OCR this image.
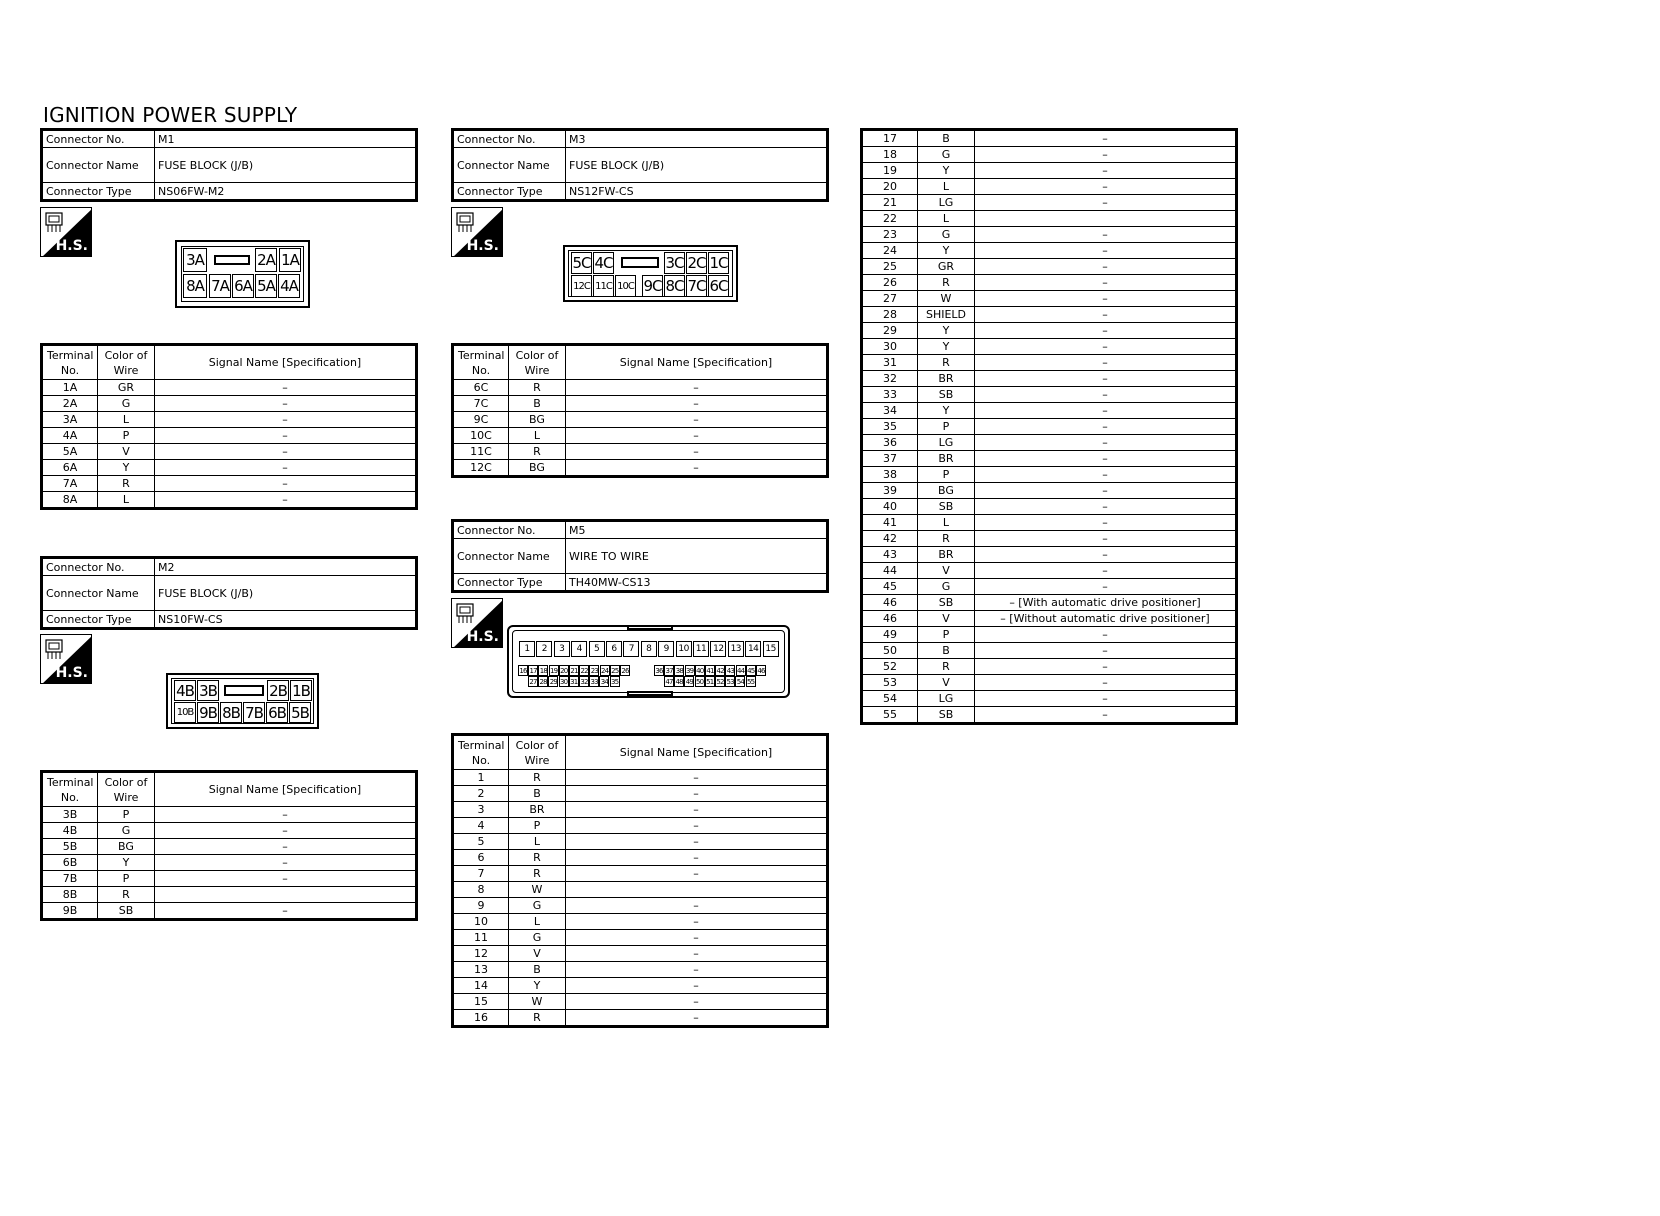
IGNITION POWER SUPPLY
Connector No.	M1
Connector Name	FUSE BLOCK (J/B)
Connector Type	NS06FW-M2
H.S.
3A	2A 1A
8A 7A 6A 5A 4A
Terminal No.	Color of Wire	Signal Name [Specification]
1A	GR	–
2A	G	–
3A	L	–
4A	P	–
5A	V	–
6A	Y	–
7A	R	–
8A	L	–
Connector No.	M2
Connector Name	FUSE BLOCK (J/B)
Connector Type	NS10FW-CS
H.S.
4B 3B	2B 1B
10B 9B 8B 7B 6B 5B
Terminal No.	Color of Wire	Signal Name [Specification]
3B	P	–
4B	G	–
5B	BG	–
6B	Y	–
7B	P	–
8B	R	
9B	SB	–
Connector No.	M3
Connector Name	FUSE BLOCK (J/B)
Connector Type	NS12FW-CS
H.S.
5C 4C	3C 2C 1C
12C 11C 10C 9C 8C 7C 6C
Terminal No.	Color of Wire	Signal Name [Specification]
6C	R	–
7C	B	–
9C	BG	–
10C	L	–
11C	R	–
12C	BG	–
Connector No.	M5
Connector Name	WIRE TO WIRE
Connector Type	TH40MW-CS13
H.S.
1	2	3	4	5	6	7	8	9	10 11 12 13 14 15
16 17 18 19 20 21 22 23 24 25 26	36 37 38 39 40 41 42 43 44 45 46
27 28 29 30 31 32 33 34 35	47 48 49 50 51 52 53 54 55
Terminal No.	Color of Wire	Signal Name [Specification]
1	R	–
2	B	–
3	BR	–
4	P	–
5	L	–
6	R	–
7	R	–
8	W	
9	G	–
10	L	–
11	G	–
12	V	–
13	B	–
14	Y	–
15	W	–
16	R	–
17	B	–
18	G	–
19	Y	–
20	L	–
21	LG	–
22	L	
23	G	–
24	Y	–
25	GR	–
26	R	–
27	W	–
28	SHIELD	–
29	Y	–
30	Y	–
31	R	–
32	BR	–
33	SB	–
34	Y	–
35	P	–
36	LG	–
37	BR	–
38	P	–
39	BG	–
40	SB	–
41	L	–
42	R	–
43	BR	–
44	V	–
45	G	–
46	SB	– [With automatic drive positioner]
46	V	– [Without automatic drive positioner]
49	P	–
50	B	–
52	R	–
53	V	–
54	LG	–
55	SB	–
